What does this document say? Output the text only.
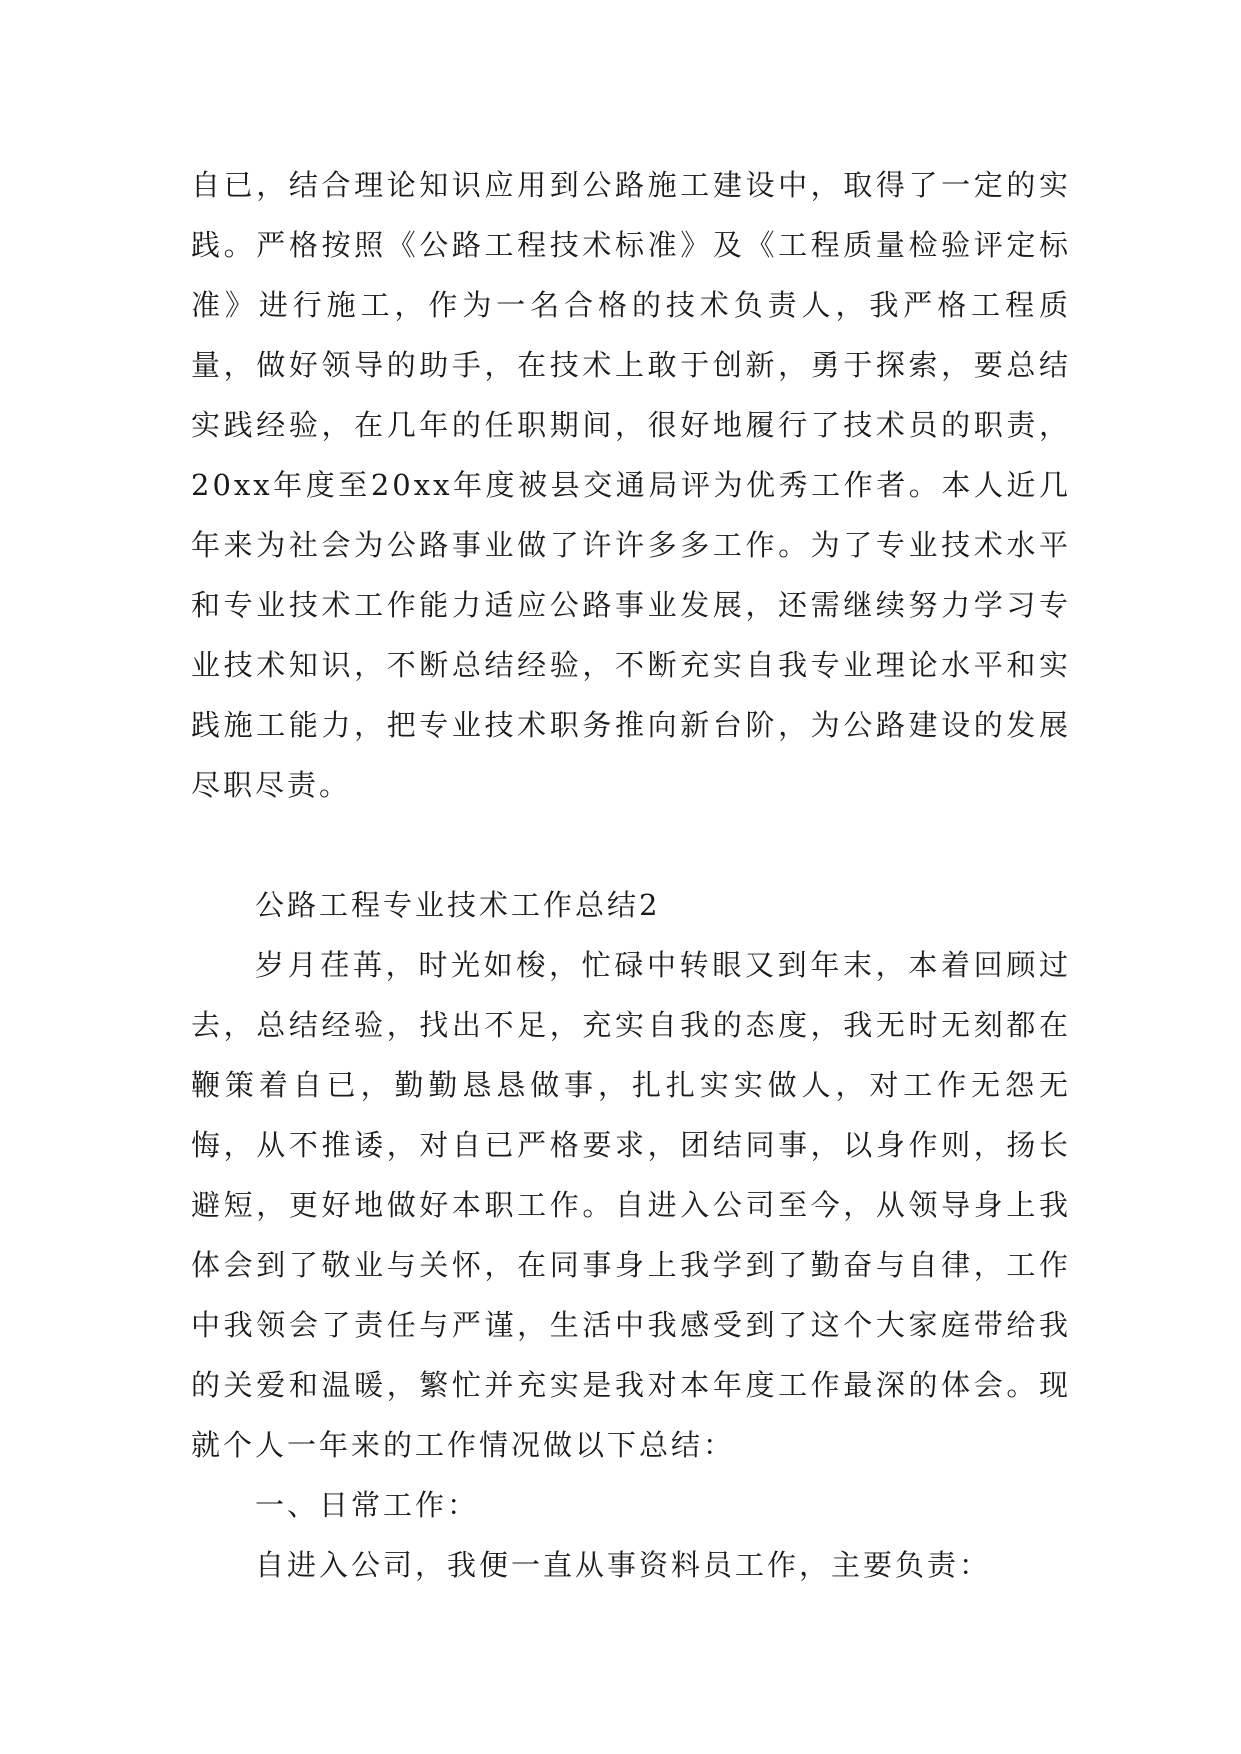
自已，结合理论知识应用到公路施工建设中，取得了一定的实践。严格按照《公路工程技术标准》及《工程质量检验评定标准》进行施工，作为一名合格的技术负责人，我严格工程质量，做好领导的助手，在技术上敢于创新，勇于探索，要总结实践经验，在几年的任职期间，很好地履行了技术员的职责，20xx年度至20xx年度被县交通局评为优秀工作者。本人近几年来为社会为公路事业做了许许多多工作。为了专业技术水平和专业技术工作能力适应公路事业发展，还需继续努力学习专业技术知识，不断总结经验，不断充实自我专业理论水平和实践施工能力，把专业技术职务推向新台阶，为公路建设的发展尽职尽责。

公路工程专业技术工作总结2

岁月荏苒，时光如梭，忙碌中转眼又到年末，本着回顾过去，总结经验，找出不足，充实自我的态度，我无时无刻都在鞭策着自已，勤勤恳恳做事，扎扎实实做人，对工作无怨无悔，从不推诿，对自已严格要求，团结同事，以身作则，扬长避短，更好地做好本职工作。自进入公司至今，从领导身上我体会到了敬业与关怀，在同事身上我学到了勤奋与自律，工作中我领会了责任与严谨，生活中我感受到了这个大家庭带给我的关爱和温暖，繁忙并充实是我对本年度工作最深的体会。现就个人一年来的工作情况做以下总结：

一、日常工作：

自进入公司，我便一直从事资料员工作，主要负责：
